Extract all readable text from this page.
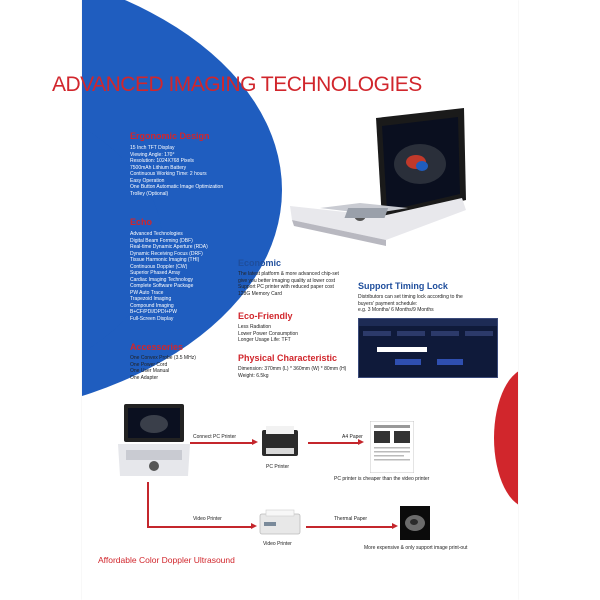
ADVANCED IMAGING TECHNOLOGIES
Ergonomic Design
15 Inch TFT Display
Viewing Angle: 170°
Resolution: 1024X768 Pixels
7500mAh Lithium Battery
Continuous Working Time: 2 hours
Easy Operation
One Button Automatic Image Optimization
Trolley (Optional)
Echo
Advanced Technologies
Digital Beam Forming (DBF)
Real-time Dynamic Aperture (RDA)
Dynamic Receiving Focus (DRF)
Tissue Harmonic Imaging (THI)
Continuous Doppler (CW)
Superior Phased Array
Cardiac Imaging Technology
Complete Software Package
PW Auto Trace
Trapezoid Imaging
Compound Imaging
B+CF/PDI/DPDI+PW
Full-Screen Display
Accessories
One Convex Probe (3.5 MHz)
One Power Cord
One User Manual
One Adapter
Economic
The latest platform & more advanced chip-set
give you better imaging quality at lower cost
Support PC printer with reduced paper cost
128G Memory Card
Eco-Friendly
Less Radiation
Lower Power Consumption
Longer Usage Life: TFT
Physical Characteristic
Dimension: 370mm (L) * 360mm (W) * 80mm (H)
Weight: 6.5kg
Support Timing Lock
Distributors can set timing lock according to the
buyers' payment schedule:
e.g. 3 Months/ 6 Months/9 Months
Connect PC Printer
PC Printer
A4 Paper
PC printer is cheaper than the video printer
Video Printer
Video Printer
Thermal Paper
More expensive & only support image print-out
Affordable Color Doppler Ultrasound
